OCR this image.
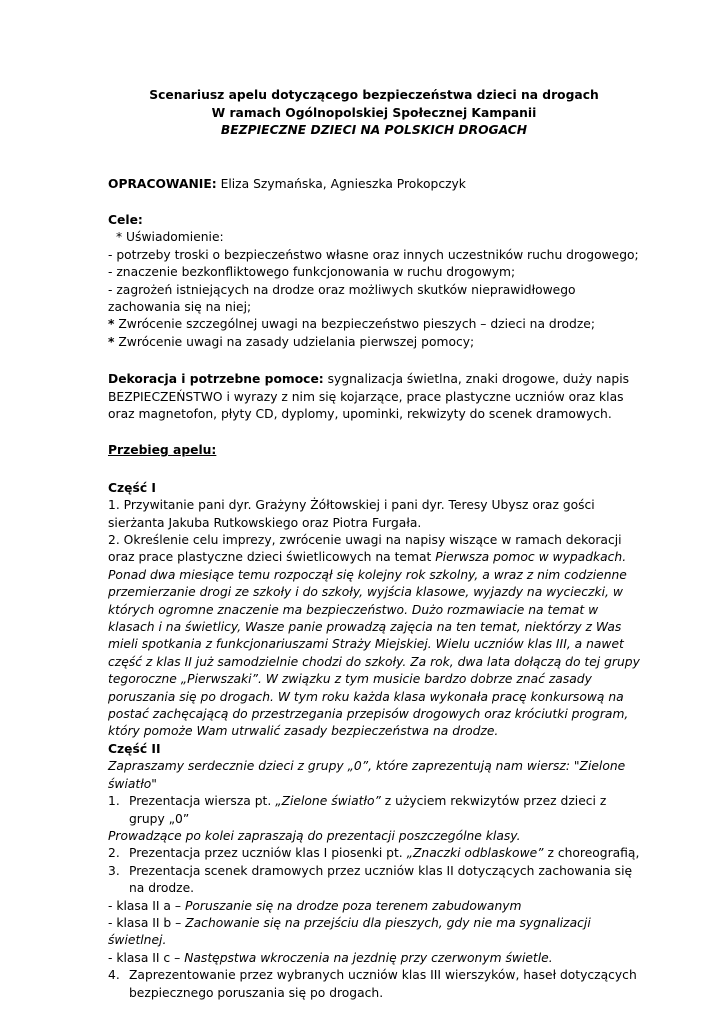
Scenariusz apelu dotyczącego bezpieczeństwa dzieci na drogach

W ramach Ogólnopolskiej Społecznej Kampanii

BEZPIECZNE DZIECI NA POLSKICH DROGACH

OPRACOWANIE: Eliza Szymańska, Agnieszka Prokopczyk

Cele:

* Uświadomienie:

- potrzeby troski o bezpieczeństwo własne oraz innych uczestników ruchu drogowego;

- znaczenie bezkonfliktowego funkcjonowania w ruchu drogowym;

- zagrożeń istniejących na drodze oraz możliwych skutków nieprawidłowego zachowania się na niej;

* Zwrócenie szczególnej uwagi na bezpieczeństwo pieszych – dzieci na drodze;

* Zwrócenie uwagi na zasady udzielania pierwszej pomocy;

Dekoracja i potrzebne pomoce: sygnalizacja świetlna, znaki drogowe, duży napis BEZPIECZEŃSTWO i wyrazy z nim się kojarzące, prace plastyczne uczniów oraz klas oraz magnetofon, płyty CD, dyplomy, upominki, rekwizyty do scenek dramowych.

Przebieg apelu:

Część I

1. Przywitanie pani dyr. Grażyny Żółtowskiej i pani dyr. Teresy Ubysz oraz gości sierżanta Jakuba Rutkowskiego oraz Piotra Furgała.

2. Określenie celu imprezy, zwrócenie uwagi na napisy wiszące w ramach dekoracji oraz prace plastyczne dzieci świetlicowych na temat Pierwsza pomoc w wypadkach.

Ponad dwa miesiące temu rozpoczął się kolejny rok szkolny, a wraz z nim codzienne przemierzanie drogi ze szkoły i do szkoły, wyjścia klasowe, wyjazdy na wycieczki, w których ogromne znaczenie ma bezpieczeństwo. Dużo rozmawiacie na temat w klasach i na świetlicy, Wasze panie prowadzą zajęcia na ten temat, niektórzy z Was mieli spotkania z funkcjonariuszami Straży Miejskiej. Wielu uczniów klas III, a nawet część z klas II już samodzielnie chodzi do szkoły. Za rok, dwa lata dołączą do tej grupy tegoroczne „Pierwszaki”. W związku z tym musicie bardzo dobrze znać zasady poruszania się po drogach. W tym roku każda klasa wykonała pracę konkursową na postać zachęcającą do przestrzegania przepisów drogowych oraz króciutki program, który pomoże Wam utrwalić zasady bezpieczeństwa na drodze.

Część II

Zapraszamy serdecznie dzieci z grupy „0”, które zaprezentują nam wiersz: "Zielone światło"

1. Prezentacja wiersza pt. „Zielone światło” z użyciem rekwizytów przez dzieci z grupy „0”

Prowadzące po kolei zapraszają do prezentacji poszczególne klasy.

2. Prezentacja przez uczniów klas I piosenki pt. „Znaczki odblaskowe” z choreografią,
3. Prezentacja scenek dramowych przez uczniów klas II dotyczących zachowania się na drodze.

- klasa II a – Poruszanie się na drodze poza terenem zabudowanym

- klasa II b – Zachowanie się na przejściu dla pieszych, gdy nie ma sygnalizacji świetlnej.

- klasa II c – Następstwa wkroczenia na jezdnię przy czerwonym świetle.

4. Zaprezentowanie przez wybranych uczniów klas III wierszyków, haseł dotyczących bezpiecznego poruszania się po drogach.
